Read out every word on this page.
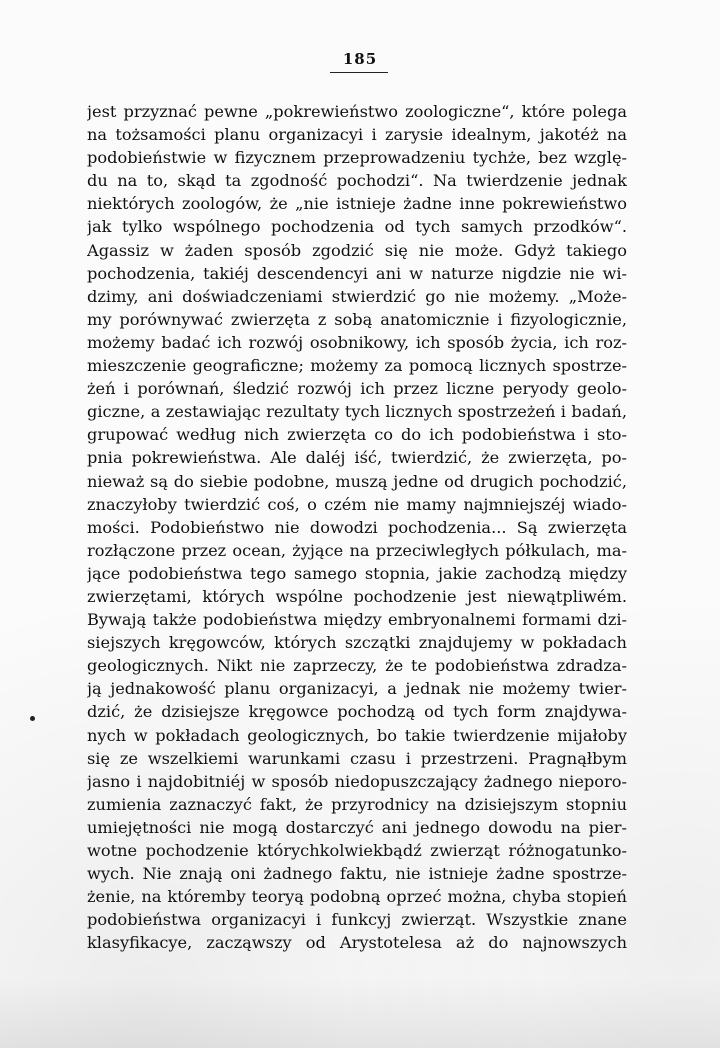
185
jest przyznać pewne „pokrewieństwo zoologiczne“, które polega
na tożsamości planu organizacyi i zarysie idealnym, jakotéż na
podobieństwie w fizycznem przeprowadzeniu tychże, bez wzglę-
du na to, skąd ta zgodność pochodzi“. Na twierdzenie jednak
niektórych zoologów, że „nie istnieje żadne inne pokrewieństwo
jak tylko wspólnego pochodzenia od tych samych przodków“.
Agassiz w żaden sposób zgodzić się nie może. Gdyż takiego
pochodzenia, takiéj descendencyi ani w naturze nigdzie nie wi-
dzimy, ani doświadczeniami stwierdzić go nie możemy. „Może-
my porównywać zwierzęta z sobą anatomicznie i fizyologicznie,
możemy badać ich rozwój osobnikowy, ich sposób życia, ich roz-
mieszczenie geograficzne; możemy za pomocą licznych spostrze-
żeń i porównań, śledzić rozwój ich przez liczne peryody geolo-
giczne, a zestawiając rezultaty tych licznych spostrzeżeń i badań,
grupować według nich zwierzęta co do ich podobieństwa i sto-
pnia pokrewieństwa. Ale daléj iść, twierdzić, że zwierzęta, po-
nieważ są do siebie podobne, muszą jedne od drugich pochodzić,
znaczyłoby twierdzić coś, o czém nie mamy najmniejszéj wiado-
mości. Podobieństwo nie dowodzi pochodzenia... Są zwierzęta
rozłączone przez ocean, żyjące na przeciwległych półkulach, ma-
jące podobieństwa tego samego stopnia, jakie zachodzą między
zwierzętami, których wspólne pochodzenie jest niewątpliwém.
Bywają także podobieństwa między embryonalnemi formami dzi-
siejszych kręgowców, których szczątki znajdujemy w pokładach
geologicznych. Nikt nie zaprzeczy, że te podobieństwa zdradza-
ją jednakowość planu organizacyi, a jednak nie możemy twier-
dzić, że dzisiejsze kręgowce pochodzą od tych form znajdywa-
nych w pokładach geologicznych, bo takie twierdzenie mijałoby
się ze wszelkiemi warunkami czasu i przestrzeni. Pragnąłbym
jasno i najdobitniéj w sposób niedopuszczający żadnego nieporo-
zumienia zaznaczyć fakt, że przyrodnicy na dzisiejszym stopniu
umiejętności nie mogą dostarczyć ani jednego dowodu na pier-
wotne pochodzenie którychkolwiekbądź zwierząt różnogatunko-
wych. Nie znają oni żadnego faktu, nie istnieje żadne spostrze-
żenie, na któremby teoryą podobną oprzeć można, chyba stopień
podobieństwa organizacyi i funkcyj zwierząt. Wszystkie znane
klasyfikacye, zacząwszy od Arystotelesa aż do najnowszych
